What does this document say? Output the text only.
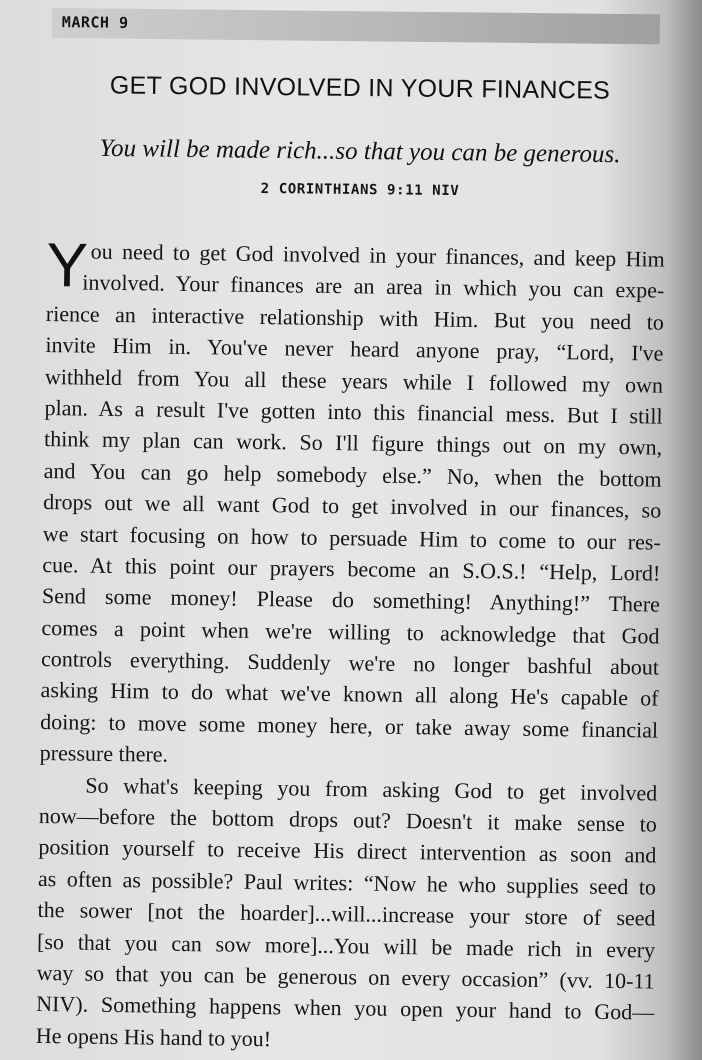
MARCH 9
GET GOD INVOLVED IN YOUR FINANCES
You will be made rich...so that you can be generous.
2 CORINTHIANS 9:11 NIV
Y ou need to get God involved in your finances, and keep Him
involved. Your finances are an area in which you can expe-
rience an interactive relationship with Him. But you need to
invite Him in. You've never heard anyone pray, “Lord, I've
withheld from You all these years while I followed my own
plan. As a result I've gotten into this financial mess. But I still
think my plan can work. So I'll figure things out on my own,
and You can go help somebody else.” No, when the bottom
drops out we all want God to get involved in our finances, so
we start focusing on how to persuade Him to come to our res-
cue. At this point our prayers become an S.O.S.! “Help, Lord!
Send some money! Please do something! Anything!” There
comes a point when we're willing to acknowledge that God
controls everything. Suddenly we're no longer bashful about
asking Him to do what we've known all along He's capable of
doing: to move some money here, or take away some financial
pressure there.
So what's keeping you from asking God to get involved
now—before the bottom drops out? Doesn't it make sense to
position yourself to receive His direct intervention as soon and
as often as possible? Paul writes: “Now he who supplies seed to
the sower [not the hoarder]...will...increase your store of seed
[so that you can sow more]...You will be made rich in every
way so that you can be generous on every occasion” (vv. 10-11
NIV). Something happens when you open your hand to God—
He opens His hand to you!
